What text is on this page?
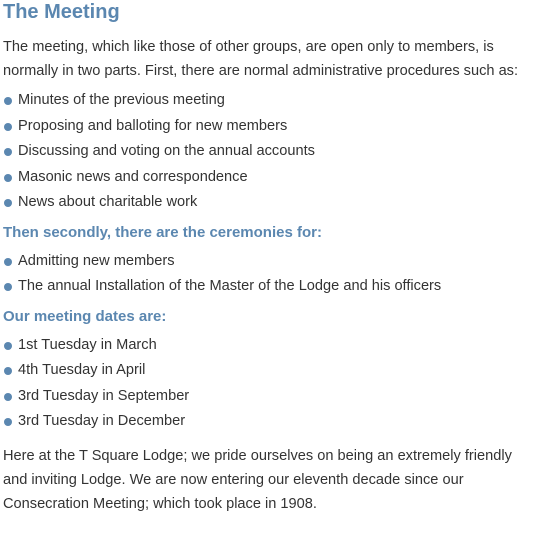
The Meeting

The meeting, which like those of other groups, are open only to members, is normally in two parts. First, there are normal administrative procedures such as:

Minutes of the previous meeting
Proposing and balloting for new members
Discussing and voting on the annual accounts
Masonic news and correspondence
News about charitable work
Then secondly, there are the ceremonies for:
Admitting new members
The annual Installation of the Master of the Lodge and his officers
Our meeting dates are:
1st Tuesday in March
4th Tuesday in April
3rd Tuesday in September
3rd Tuesday in December

Here at the T Square Lodge; we pride ourselves on being an extremely friendly and inviting Lodge. We are now entering our eleventh decade since our Consecration Meeting; which took place in 1908.
